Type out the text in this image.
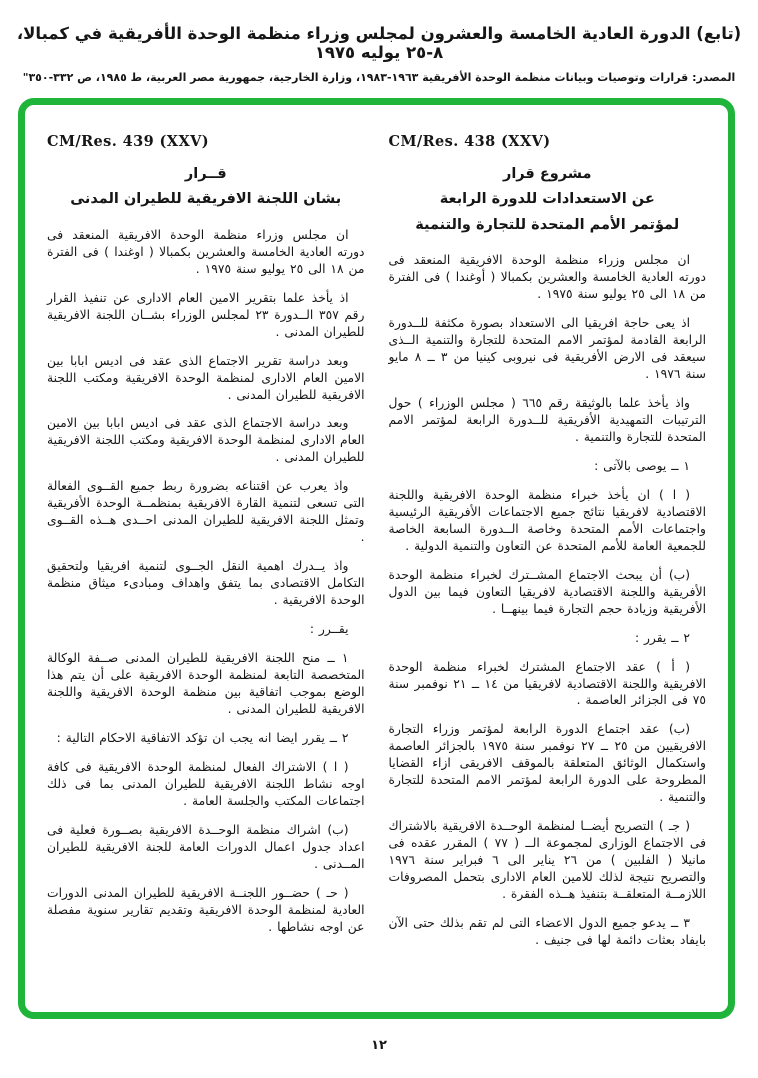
(تابع) الدورة العادية الخامسة والعشرون لمجلس وزراء منظمة الوحدة الأفريقية في كمبالا، ٨-٢٥ يوليه ١٩٧٥
المصدر: قرارات وتوصيات وبيانات منظمة الوحدة الأفريقية ١٩٦٣-١٩٨٣، وزارة الخارجية، جمهورية مصر العربية، ط ١٩٨٥، ص ٣٣٢-٣٥٠"
CM/Res. 438 (XXV)
مشروع قرار
عن الاستعدادات للدورة الرابعة
لمؤتمر الأمم المتحدة للتجارة والتنمية

ان مجلس وزراء منظمة الوحدة الافريقية المنعقد فى دورته العادية الخامسة والعشرين بكمبالا ( أوغندا ) فى الفترة من ١٨ الى ٢٥ يوليو سنة ١٩٧٥ .

اذ يعى حاجة افريقيا الى الاستعداد بصورة مكثفة للــدورة الرابعة القادمة لمؤتمر الامم المتحدة للتجارة والتنمية الــذى سيعقد فى الارض الأفريقية فى نيروبى كينيا من ٣ ــ ٨ مايو سنة ١٩٧٦ .

واذ يأخذ علما بالوثيقة رقم ٦٦٥ ( مجلس الوزراء ) حول الترتيبات التمهيدية الأفريقية للــدورة الرابعة لمؤتمر الامم المتحدة للتجارة والتنمية .

١ ــ يوصى بالآتى :

( ا ) ان يأخذ خبراء منظمة الوحدة الافريقية واللجنة الاقتصادية لافريقيا نتائج جميع الاجتماعات الأفريقية الرئيسية واجتماعات الأمم المتحدة وخاصة الــدورة السابعة الخاصة للجمعية العامة للأمم المتحدة عن التعاون والتنمية الدولية .

(ب) أن يبحث الاجتماع المشــترك لخبراء منظمة الوحدة الأفريقية واللجنة الاقتصادية لافريقيا التعاون فيما بين الدول الأفريقية وزيادة حجم التجارة فيما بينهــا .

٢ ــ يقرر :

( أ ) عقد الاجتماع المشترك لخبراء منظمة الوحدة الافريقية واللجنة الاقتصادية لافريقيا من ١٤ ــ ٢١ نوفمبر سنة ٧٥ فى الجزائر العاصمة .

(ب) عقد اجتماع الدورة الرابعة لمؤتمر وزراء التجارة الافريقيين من ٢٥ ــ ٢٧ نوفمبر سنة ١٩٧٥ بالجزائر العاصمة واستكمال الوثائق المتعلقة بالموقف الافريقى ازاء القضايا المطروحة على الدورة الرابعة لمؤتمر الامم المتحدة للتجارة والتنمية .

( جـ ) التصريح أيضــا لمنظمة الوحــدة الافريقية بالاشتراك فى الاجتماع الوزارى لمجموعة الــ ( ٧٧ ) المقرر عقده فى مانيلا ( الفلبين ) من ٢٦ يناير الى ٦ فبراير سنة ١٩٧٦ والتصريح نتيجة لذلك للامين العام الادارى بتحمل المصروفات اللازمــة المتعلقــة بتنفيذ هــذه الفقرة .

٣ ــ يدعو جميع الدول الاعضاء التى لم تقم بذلك حتى الآن بايفاد بعثات دائمة لها فى جنيف .

CM/Res. 439 (XXV)
قــرار
بشان اللجنة الافريقية للطيران المدنى

ان مجلس وزراء منظمة الوحدة الافريقية المنعقد فى دورته العادية الخامسة والعشرين بكمبالا ( اوغندا ) فى الفترة من ١٨ الى ٢٥ يوليو سنة ١٩٧٥ .

اذ يأخذ علما بتقرير الامين العام الادارى عن تنفيذ القرار رقم ٣٥٧ الــدورة ٢٣ لمجلس الوزراء بشــان اللجنة الافريقية للطيران المدنى .

وبعد دراسة تقرير الاجتماع الذى عقد فى اديس ابابا بين الامين العام الادارى لمنظمة الوحدة الافريقية ومكتب اللجنة الافريقية للطيران المدنى .

وبعد دراسة الاجتماع الذى عقد فى اديس ابابا بين الامين العام الادارى لمنظمة الوحدة الافريقية ومكتب اللجنة الافريقية للطيران المدنى .

واذ يعرب عن اقتناعه بضرورة ربط جميع القــوى الفعالة التى تسعى لتنمية القارة الافريقية بمنظمــة الوحدة الأفريقية وتمثل اللجنة الافريقية للطيران المدنى احــدى هــذه القــوى .

واذ يــدرك اهمية النقل الجــوى لتنمية افريقيا ولتحقيق التكامل الاقتصادى بما يتفق واهداف ومبادىء ميثاق منظمة الوحدة الافريقية .

يقــرر :

١ ــ منح اللجنة الافريقية للطيران المدنى صــفة الوكالة المتخصصة التابعة لمنظمة الوحدة الافريقية على أن يتم هذا الوضع بموجب اتفاقية بين منظمة الوحدة الافريقية واللجنة الافريقية للطيران المدنى .

٢ ــ يقرر ايضا انه يجب ان تؤكد الاتفاقية الاحكام التالية :

( ا ) الاشتراك الفعال لمنظمة الوحدة الافريقية فى كافة اوجه نشاط اللجنة الافريقية للطيران المدنى بما فى ذلك اجتماعات المكتب والجلسة العامة .

(ب) اشراك منظمة الوحــدة الافريقية بصــورة فعلية فى اعداد جدول اعمال الدورات العامة للجنة الافريقية للطيران المــدنى .

( حـ ) حضــور اللجنــة الافريقية للطيران المدنى الدورات العادية لمنظمة الوحدة الافريقية وتقديم تقارير سنوية مفصلة عن اوجه نشاطها .

١٢
